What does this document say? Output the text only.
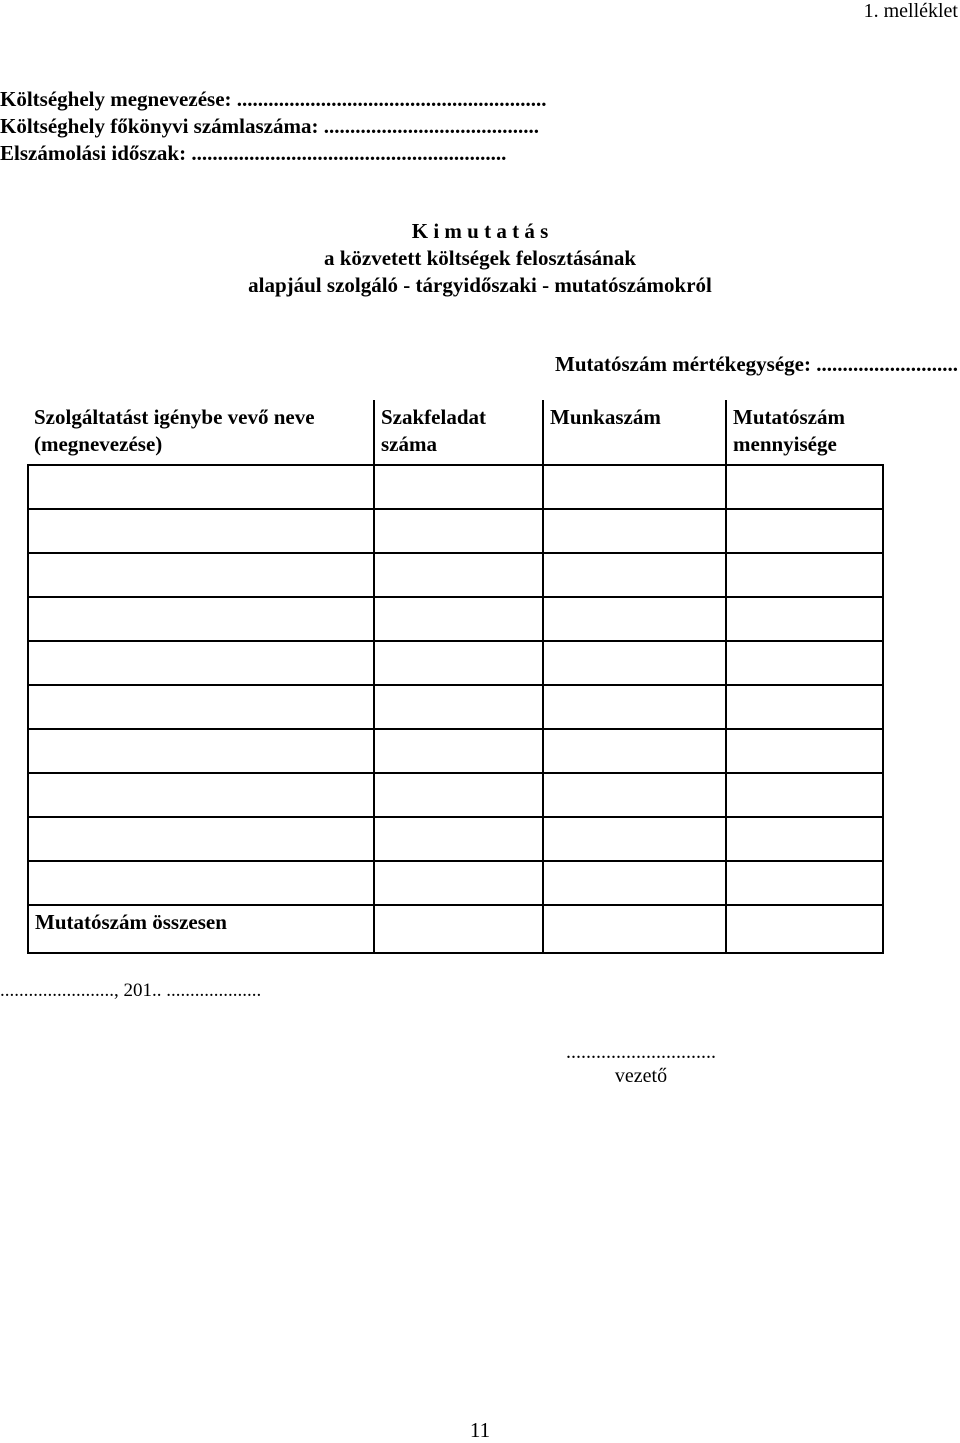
1. melléklet
Költséghely megnevezése: ...........................................................
Költséghely főkönyvi számlaszáma: .........................................
Elszámolási időszak: ............................................................
K i m u t a t á s
a közvetett költségek felosztásának
alapjául szolgáló - tárgyidőszaki - mutatószámokról
Mutatószám mértékegysége: ...........................
Szolgáltatást igénybe vevő neve (megnevezése)	Szakfeladat száma	Munkaszám	Mutatószám mennyisége

Mutatószám összesen			
........................, 201.. ....................
..............................
vezető
11
